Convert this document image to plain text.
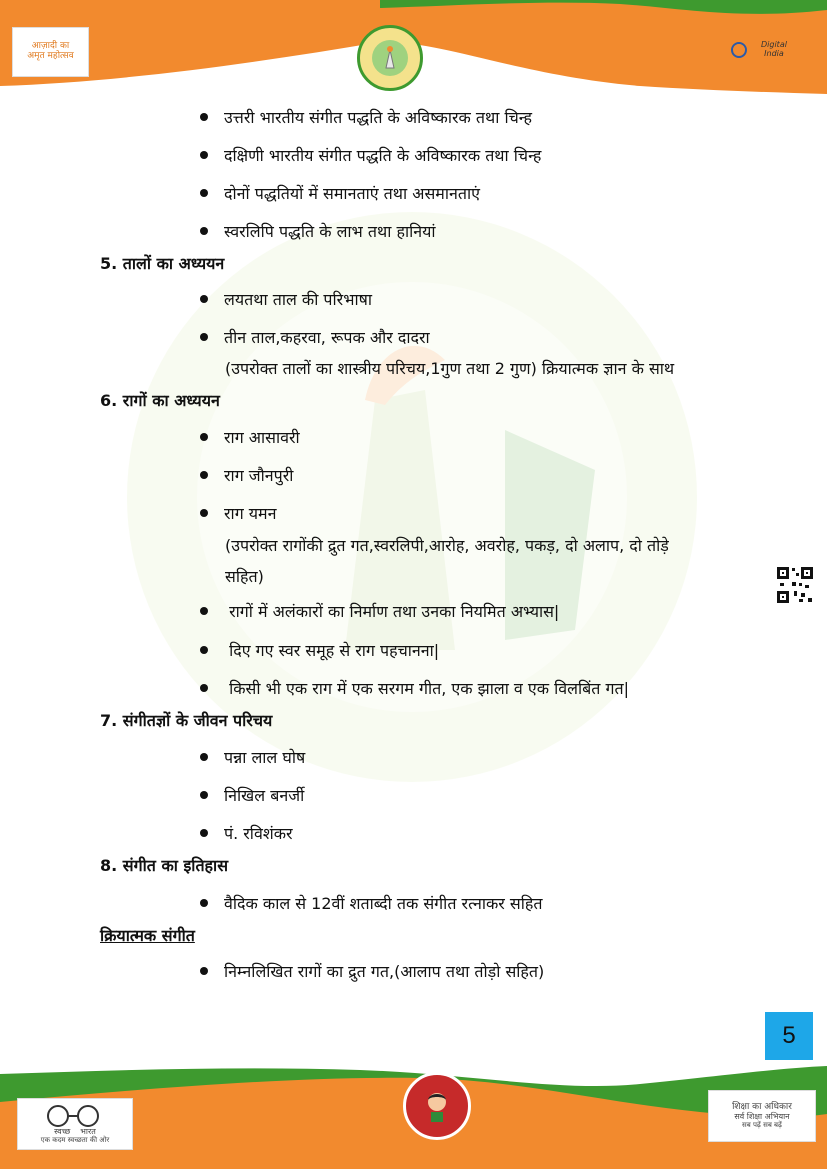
आज़ादी का
अमृत महोत्सव
Digital India
उत्तरी भारतीय संगीत पद्धति के अविष्कारक तथा चिन्ह
दक्षिणी भारतीय संगीत पद्धति के अविष्कारक तथा चिन्ह
दोनों पद्धतियों में समानताएं तथा असमानताएं
स्वरलिपि पद्धति के लाभ तथा हानियां
5. तालों का अध्ययन
लयतथा ताल की परिभाषा
तीन ताल,कहरवा, रूपक और दादरा
(उपरोक्त तालों का शास्त्रीय परिचय,1गुण तथा 2 गुण) क्रियात्मक ज्ञान के साथ
6. रागों का अध्ययन
राग आसावरी
राग जौनपुरी
राग यमन
(उपरोक्त रागोंकी द्रुत गत,स्वरलिपी,आरोह, अवरोह, पकड़, दो अलाप, दो तोड़े
सहित)
रागों में अलंकारों का निर्माण तथा उनका नियमित अभ्यास|
दिए गए स्वर समूह से राग पहचानना|
किसी भी एक राग में एक सरगम गीत, एक झाला व एक विलबिंत गत|
7. संगीतज्ञों के जीवन परिचय
पन्ना लाल घोष
निखिल बनर्जी
पं. रविशंकर
8. संगीत का इतिहास
वैदिक काल से 12वीं शताब्दी तक संगीत रत्नाकर सहित
क्रियात्मक संगीत
निम्नलिखित रागों का द्रुत गत,(आलाप तथा तोड़ो सहित)
5
स्वच्छ भारत
एक कदम स्वच्छता की ओर
शिक्षा का अधिकार
सर्व शिक्षा अभियान
सब पढ़ें सब बढ़ें
